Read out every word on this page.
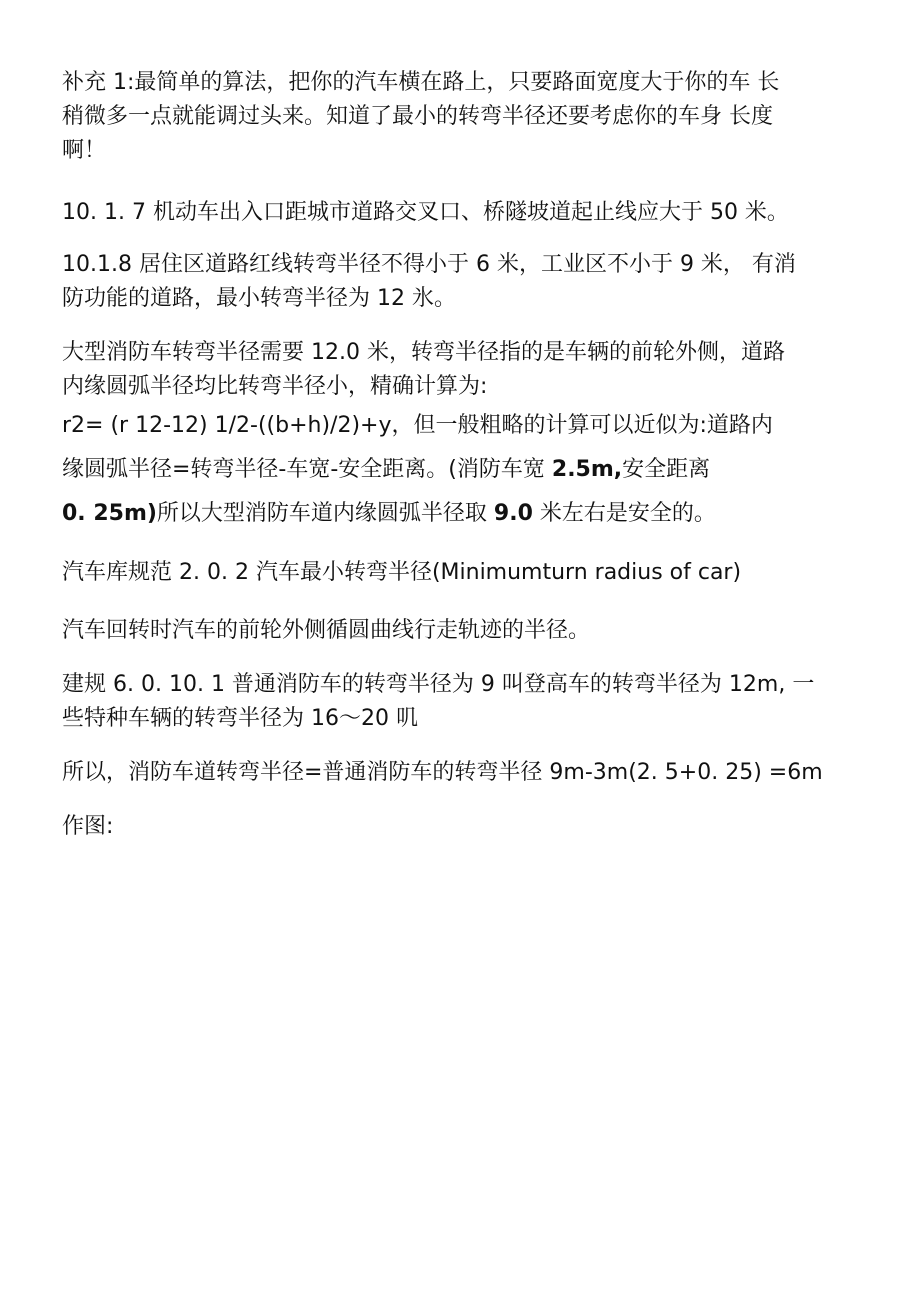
补充 1:最简单的算法，把你的汽车横在路上，只要路面宽度大于你的车 长
稍微多一点就能调过头来。知道了最小的转弯半径还要考虑你的车身 长度
啊！
10. 1. 7 机动车出入口距城市道路交叉口、桥隧坡道起止线应大于 50 米。
10.1.8 居住区道路红线转弯半径不得小于 6 米，工业区不小于 9 米， 有消
防功能的道路，最小转弯半径为 12 氷。
大型消防车转弯半径需要 12.0 米，转弯半径指的是车辆的前轮外侧，道路
内缘圆弧半径均比转弯半径小，精确计算为:
r2= (r 12-12) 1/2-((b+h)/2)+y，但一般粗略的计算可以近似为:道路内
缘圆弧半径=转弯半径-车宽-安全距离。(消防车宽 2.5m,安全距离
0. 25m)所以大型消防车道内缘圆弧半径取 9.0 米左右是安全的。
汽车库规范 2. 0. 2 汽车最小转弯半径(Minimumturn radius of car)
汽车回转时汽车的前轮外侧循圆曲线行走轨迹的半径。
建规 6. 0. 10. 1 普通消防车的转弯半径为 9 叫登高车的转弯半径为 12m, 一
些特种车辆的转弯半径为 16〜20 叽
所以，消防车道转弯半径=普通消防车的转弯半径 9m-3m(2. 5+0. 25) =6m
作图:
